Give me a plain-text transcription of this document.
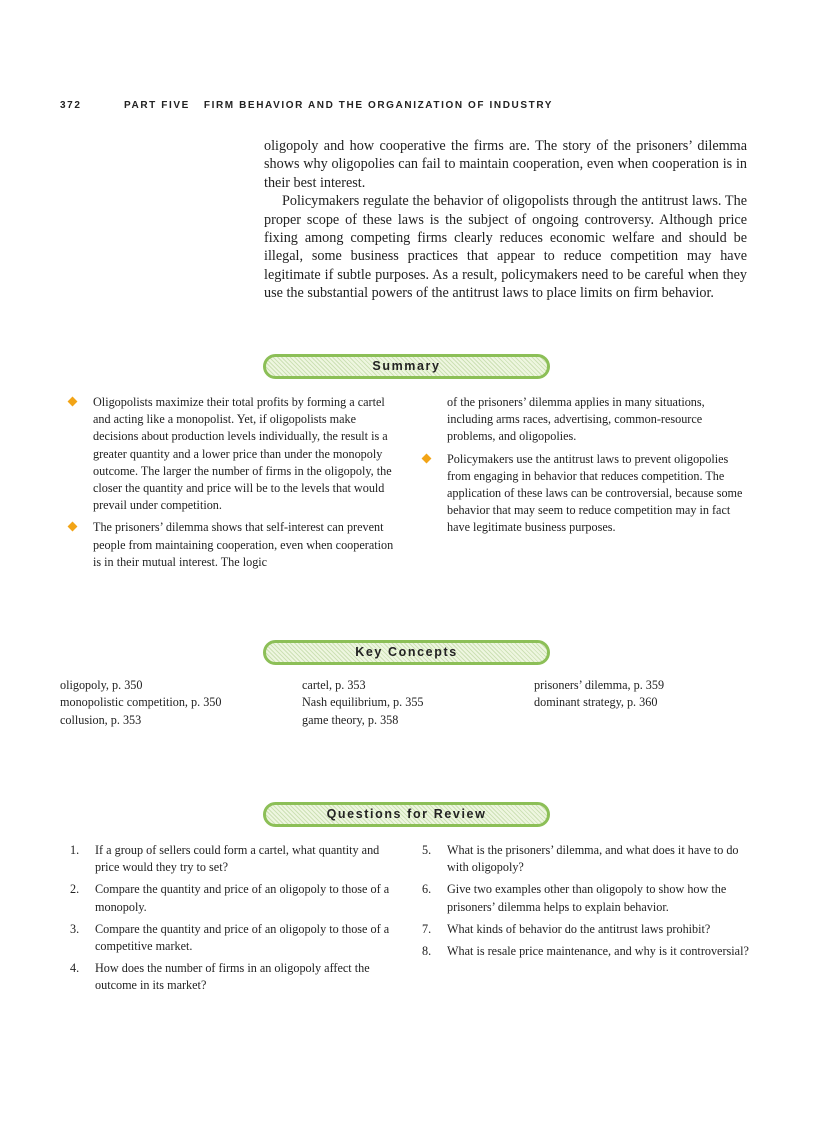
372	PART FIVE FIRM BEHAVIOR AND THE ORGANIZATION OF INDUSTRY

oligopoly and how cooperative the firms are. The story of the prisoners’ dilemma shows why oligopolies can fail to maintain cooperation, even when cooperation is in their best interest.

Policymakers regulate the behavior of oligopolists through the antitrust laws. The proper scope of these laws is the subject of ongoing controversy. Although price fixing among competing firms clearly reduces economic welfare and should be illegal, some business practices that appear to reduce competition may have legitimate if subtle purposes. As a result, policymakers need to be careful when they use the substantial powers of the antitrust laws to place limits on firm behavior.

Summary
Oligopolists maximize their total profits by forming a cartel and acting like a monopolist. Yet, if oligopolists make decisions about production levels individually, the result is a greater quantity and a lower price than under the monopoly outcome. The larger the number of firms in the oligopoly, the closer the quantity and price will be to the levels that would prevail under competition.
The prisoners’ dilemma shows that self-interest can prevent people from maintaining cooperation, even when cooperation is in their mutual interest. The logic
of the prisoners’ dilemma applies in many situations, including arms races, advertising, common-resource problems, and oligopolies.
Policymakers use the antitrust laws to prevent oligopolies from engaging in behavior that reduces competition. The application of these laws can be controversial, because some behavior that may seem to reduce competition may in fact have legitimate business purposes.
Key Concepts
oligopoly, p. 350
monopolistic competition, p. 350
collusion, p. 353
cartel, p. 353
Nash equilibrium, p. 355
game theory, p. 358
prisoners’ dilemma, p. 359
dominant strategy, p. 360
Questions for Review
1. If a group of sellers could form a cartel, what quantity and price would they try to set?
2. Compare the quantity and price of an oligopoly to those of a monopoly.
3. Compare the quantity and price of an oligopoly to those of a competitive market.
4. How does the number of firms in an oligopoly affect the outcome in its market?
5. What is the prisoners’ dilemma, and what does it have to do with oligopoly?
6. Give two examples other than oligopoly to show how the prisoners’ dilemma helps to explain behavior.
7. What kinds of behavior do the antitrust laws prohibit?
8. What is resale price maintenance, and why is it controversial?
